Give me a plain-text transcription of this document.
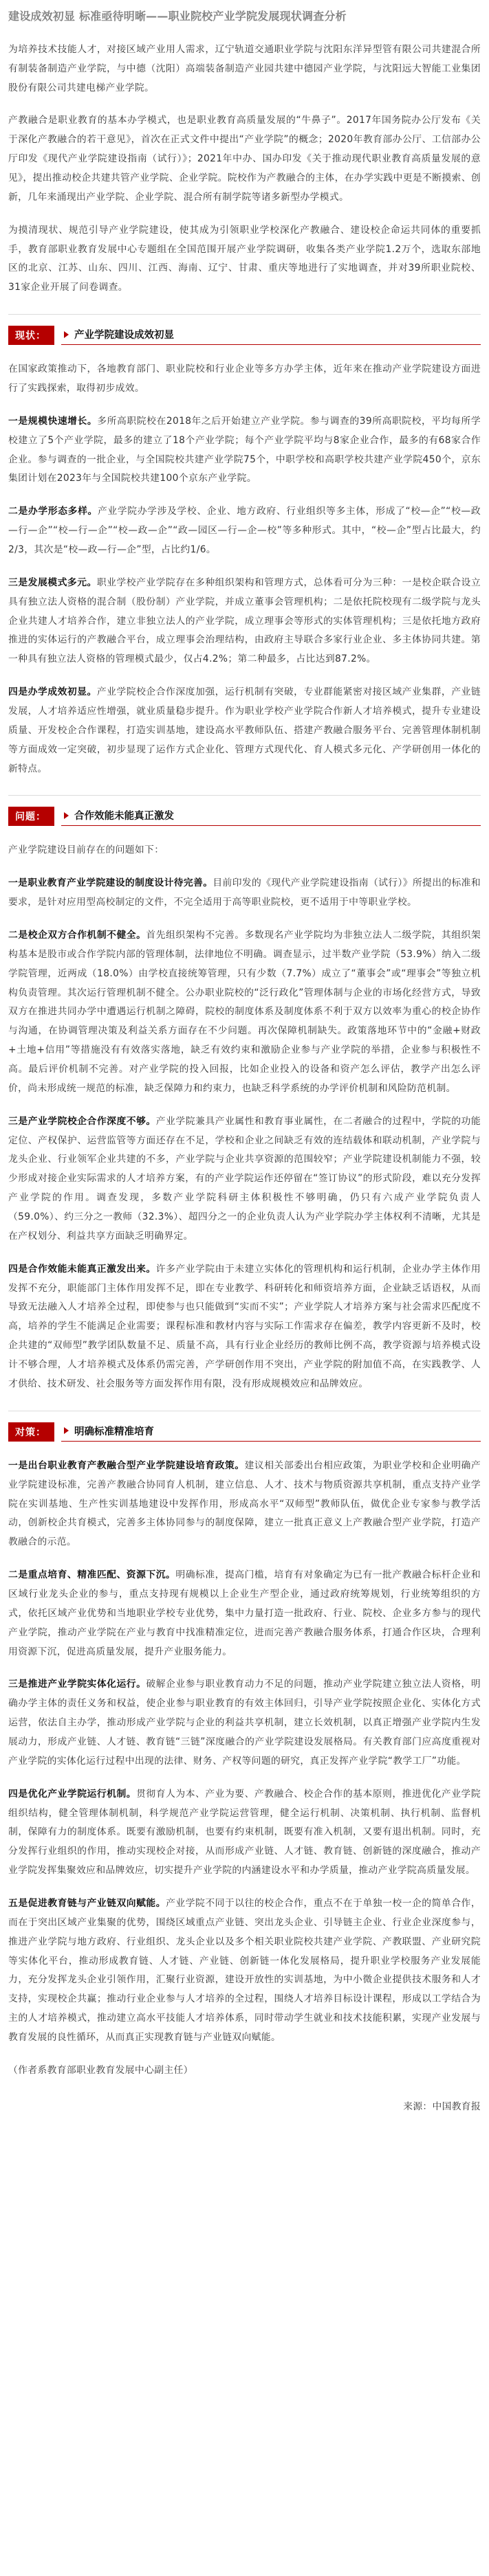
建设成效初显 标准亟待明晰——职业院校产业学院发展现状调查分析

为培养技术技能人才，对接区域产业用人需求，辽宁轨道交通职业学院与沈阳东洋异型管有限公司共建混合所有制装备制造产业学院，与中德（沈阳）高端装备制造产业园共建中德园产业学院，与沈阳远大智能工业集团股份有限公司共建电梯产业学院。

产教融合是职业教育的基本办学模式，也是职业教育高质量发展的“牛鼻子”。2017年国务院办公厅发布《关于深化产教融合的若干意见》，首次在正式文件中提出“产业学院”的概念；2020年教育部办公厅、工信部办公厅印发《现代产业学院建设指南（试行）》；2021年中办、国办印发《关于推动现代职业教育高质量发展的意见》，提出推动校企共建共管产业学院、企业学院。院校作为产教融合的主体，在办学实践中更是不断摸索、创新，几年来涌现出产业学院、企业学院、混合所有制学院等诸多新型办学模式。

为摸清现状、规范引导产业学院建设，使其成为引领职业学校深化产教融合、建设校企命运共同体的重要抓手，教育部职业教育发展中心专题组在全国范围开展产业学院调研，收集各类产业学院1.2万个，选取东部地区的北京、江苏、山东、四川、江西、海南、辽宁、甘肃、重庆等地进行了实地调查，并对39所职业院校、31家企业开展了问卷调查。

现状：	产业学院建设成效初显

在国家政策推动下，各地教育部门、职业院校和行业企业等多方办学主体，近年来在推动产业学院建设方面进行了实践探索，取得初步成效。

一是规模快速增长。多所高职院校在2018年之后开始建立产业学院。参与调查的39所高职院校，平均每所学校建立了5个产业学院，最多的建立了18个产业学院；每个产业学院平均与8家企业合作，最多的有68家合作企业。参与调查的一批企业，与全国院校共建产业学院75个，中职学校和高职学校共建产业学院450个，京东集团计划在2023年与全国院校共建100个京东产业学院。

二是办学形态多样。产业学院办学涉及学校、企业、地方政府、行业组织等多主体，形成了“校—企”“校—政—行—企”“校—行—企”“校—政—企”“政—园区—行—企—校”等多种形式。其中，“校—企”型占比最大，约2/3，其次是“校—政—行—企”型，占比约1/6。

三是发展模式多元。职业学校产业学院存在多种组织架构和管理方式，总体看可分为三种：一是校企联合设立具有独立法人资格的混合制（股份制）产业学院，并成立董事会管理机构；二是依托院校现有二级学院与龙头企业共建人才培养合作，建立非独立法人的产业学院，成立理事会等形式的实体管理机构；三是依托地方政府推进的实体运行的产教融合平台，成立理事会治理结构，由政府主导联合多家行业企业、多主体协同共建。第一种具有独立法人资格的管理模式最少，仅占4.2%；第二种最多，占比达到87.2%。

四是办学成效初显。产业学院校企合作深度加强，运行机制有突破，专业群能紧密对接区域产业集群，产业链发展，人才培养适应性增强，就业质量稳步提升。作为职业学校产业学院合作新人才培养模式，提升专业建设质量、开发校企合作课程，打造实训基地，建设高水平教师队伍、搭建产教融合服务平台、完善管理体制机制等方面成效一定突破，初步显现了运作方式企业化、管理方式现代化、育人模式多元化、产学研创用一体化的新特点。

问题：	合作效能未能真正激发

产业学院建设目前存在的问题如下：

一是职业教育产业学院建设的制度设计待完善。目前印发的《现代产业学院建设指南（试行）》所提出的标准和要求，是针对应用型高校制定的文件，不完全适用于高等职业院校，更不适用于中等职业学校。

二是校企双方合作机制不健全。首先组织架构不完善。多数现名产业学院均为非独立法人二级学院，其组织架构基本是股市或合作学院内部的管理体制，法律地位不明确。调查显示，过半数产业学院（53.9%）纳入二级学院管理，近两成（18.0%）由学校直接统筹管理，只有少数（7.7%）成立了“董事会”或“理事会”等独立机构负责管理。其次运行管理机制不健全。公办职业院校的“泛行政化”管理体制与企业的市场化经营方式，导致双方在推进共同办学中遭遇运行机制之障碍，院校的制度体系及制度体系不利于双方以效率为重心的校企协作与沟通，在协调管理决策及利益关系方面存在不少问题。再次保障机制缺失。政策落地环节中的“金融+财政+土地+信用”等措施没有有效落实落地，缺乏有效约束和激励企业参与产业学院的举措，企业参与积极性不高。最后评价机制不完善。对产业学院的投入回报，比如企业投入的设备和资产怎么评估，教学产出怎么评价，尚未形成统一规范的标准，缺乏保障力和约束力，也缺乏科学系统的办学评价机制和风险防范机制。

三是产业学院校企合作深度不够。产业学院兼具产业属性和教育事业属性，在二者融合的过程中，学院的功能定位、产权保护、运营监管等方面还存在不足，学校和企业之间缺乏有效的连结载体和联动机制，产业学院与龙头企业、行业领军企业共建的不多，产业学院与企业共享资源的范围较窄；产业学院建设机制能力不强，较少形成对接企业实际需求的人才培养方案，有的产业学院运作还停留在“签订协议”的形式阶段，难以充分发挥产业学院的作用。调查发现，多数产业学院科研主体积极性不够明确，仍只有六成产业学院负责人（59.0%）、约三分之一教师（32.3%）、超四分之一的企业负责人认为产业学院办学主体权利不清晰，尤其是在产权划分、利益共享方面缺乏明确界定。

四是合作效能未能真正激发出来。许多产业学院由于未建立实体化的管理机构和运行机制，企业办学主体作用发挥不充分，职能部门主体作用发挥不足，即在专业教学、科研转化和师资培养方面，企业缺乏话语权，从而导致无法融入人才培养全过程，即使参与也只能做到“实而不实”；产业学院人才培养方案与社会需求匹配度不高，培养的学生不能满足企业需要；课程标准和教材内容与实际工作需求存在偏差，教学内容更新不及时，校企共建的“双师型”教学团队数量不足、质量不高，具有行业企业经历的教师比例不高，教学资源与培养模式设计不够合理，人才培养模式及体系仍需完善，产学研创作用不突出，产业学院的附加值不高，在实践教学、人才供给、技术研发、社会服务等方面发挥作用有限，没有形成规模效应和品牌效应。

对策：	明确标准精准培育

一是出台职业教育产教融合型产业学院建设培育政策。建议相关部委出台相应政策，为职业学校和企业明确产业学院建设标准，完善产教融合协同育人机制，建立信息、人才、技术与物质资源共享机制，重点支持产业学院在实训基地、生产性实训基地建设中发挥作用，形成高水平“双师型”教师队伍，做优企业专家参与教学活动，创新校企共育模式，完善多主体协同参与的制度保障，建立一批真正意义上产教融合型产业学院，打造产教融合的示范。

二是重点培育、精准匹配、资源下沉。明确标准，提高门槛，培育有对象确定为已有一批产教融合标杆企业和区域行业龙头企业的参与，重点支持现有规模以上企业生产型企业，通过政府统筹规划，行业统筹组织的方式，依托区域产业优势和当地职业学校专业优势，集中力量打造一批政府、行业、院校、企业多方参与的现代产业学院，推动产业学院在产业与教育中找准精准定位，进而完善产教融合服务体系，打通合作区块，合理利用资源下沉，促进高质量发展，提升产业服务能力。

三是推进产业学院实体化运行。破解企业参与职业教育动力不足的问题，推动产业学院建立独立法人资格，明确办学主体的责任义务和权益，使企业参与职业教育的有效主体回归，引导产业学院按照企业化、实体化方式运营，依法自主办学，推动形成产业学院与企业的利益共享机制，建立长效机制，以真正增强产业学院内生发展动力，形成产业链、人才链、教育链“三链”深度融合的产业学院建设发展格局。有关教育部门应高度重视对产业学院的实体化运行过程中出现的法律、财务、产权等问题的研究，真正发挥产业学院“教学工厂”功能。

四是优化产业学院运行机制。贯彻育人为本、产业为要、产教融合、校企合作的基本原则，推进优化产业学院组织结构，健全管理体制机制，科学规范产业学院运营管理，健全运行机制、决策机制、执行机制、监督机制，保障有力的制度体系。既要有激励机制，也要有约束机制，既要有准入机制，又要有退出机制。同时，充分发挥行业组织的作用，推动实现校企对接，从而形成产业链、人才链、教育链、创新链的深度融合，推动产业学院发挥集聚效应和品牌效应，切实提升产业学院的内涵建设水平和办学质量，推动产业学院高质量发展。

五是促进教育链与产业链双向赋能。产业学院不同于以往的校企合作，重点不在于单独一校一企的简单合作，而在于突出区域产业集聚的优势，围绕区域重点产业链、突出龙头企业、引导链主企业、行业企业深度参与，推进产业学院与地方政府、行业组织、龙头企业以及多个相关职业院校共建产业学院、产教联盟、产业研究院等实体化平台，推动形成教育链、人才链、产业链、创新链一体化发展格局，提升职业学校服务产业发展能力，充分发挥龙头企业引领作用，汇聚行业资源，建设开放性的实训基地，为中小微企业提供技术服务和人才支持，实现校企共赢；推动行业企业参与人才培养的全过程，围绕人才培养目标设计课程，形成以工学结合为主的人才培养模式，推动建立高水平技能人才培养体系，同时带动学生就业和技术技能积累，实现产业发展与教育发展的良性循环，从而真正实现教育链与产业链双向赋能。

（作者系教育部职业教育发展中心副主任）

来源：中国教育报
